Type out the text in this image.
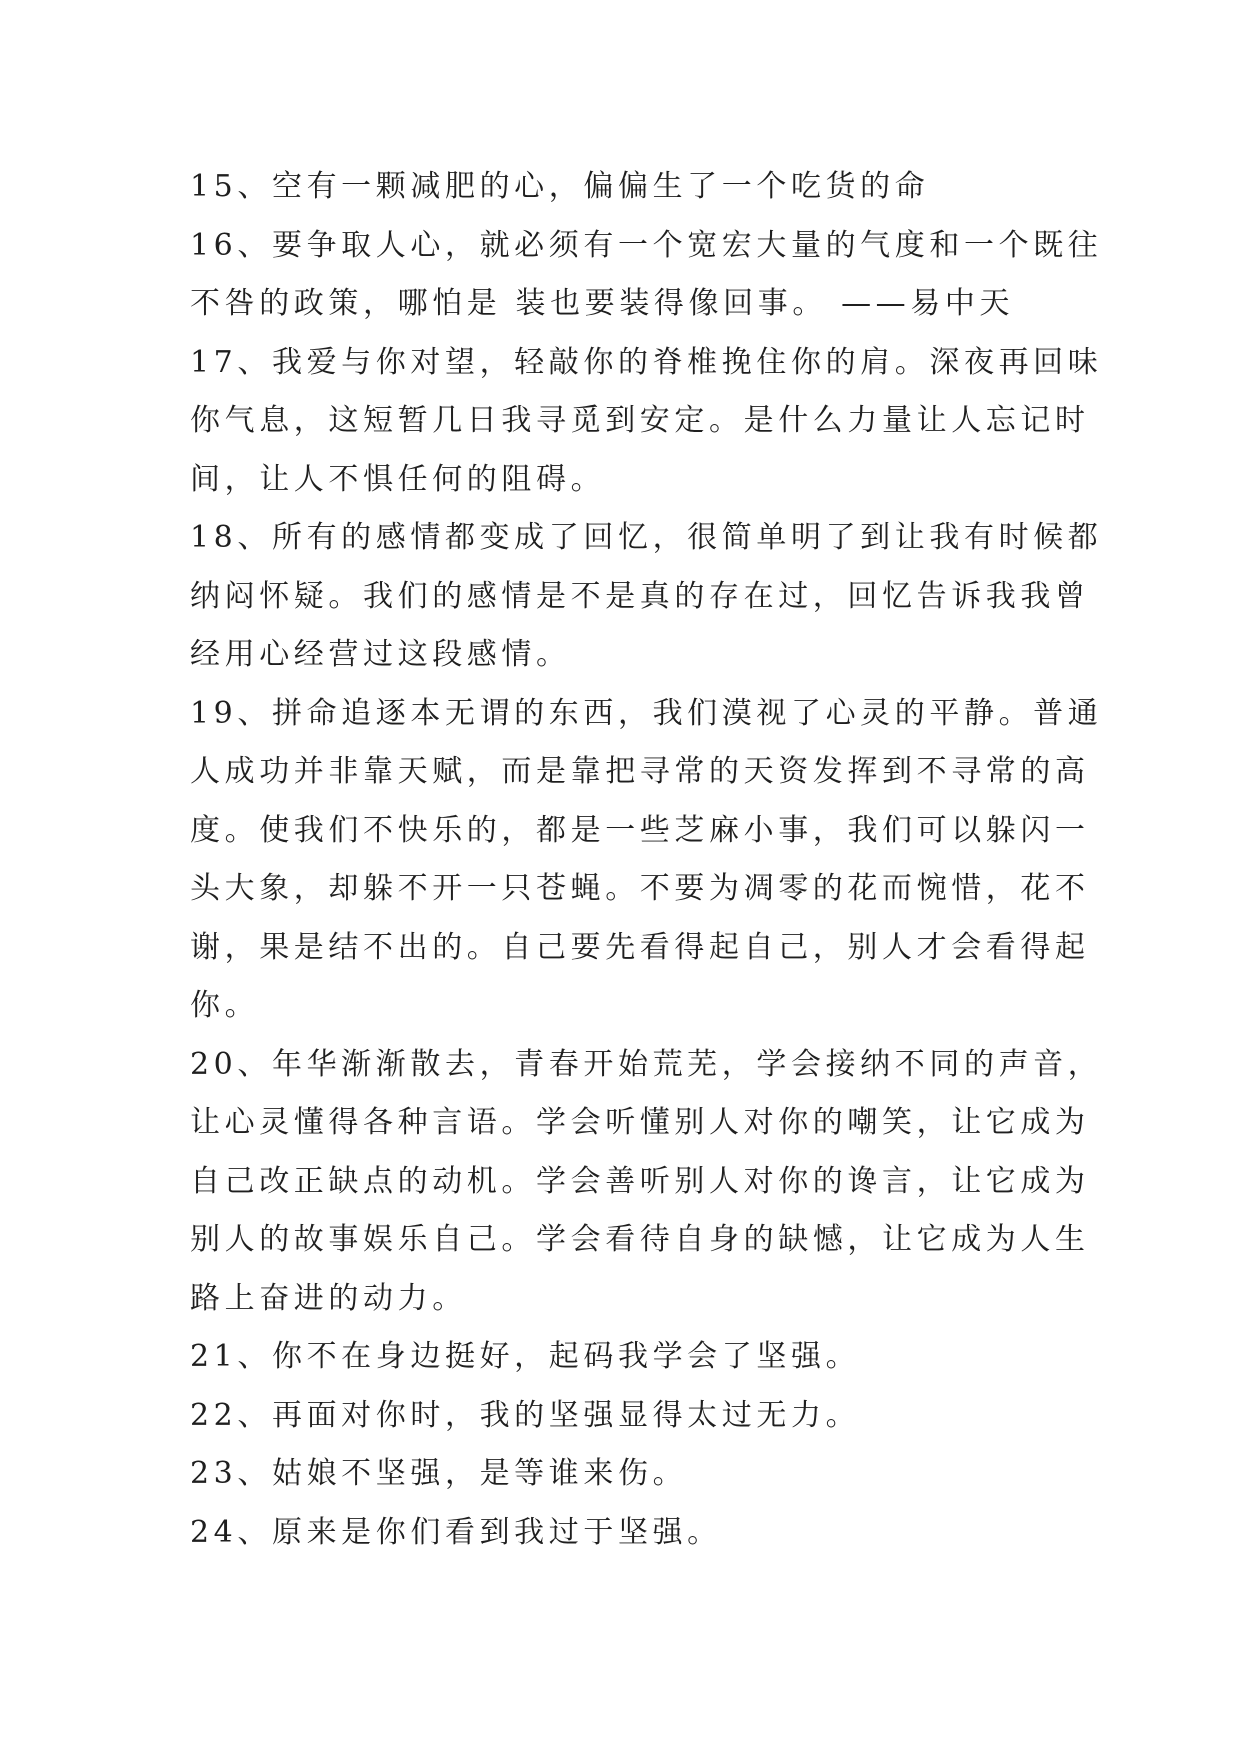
15、空有一颗减肥的心，偏偏生了一个吃货的命
16、要争取人心，就必须有一个宽宏大量的气度和一个既往
不咎的政策，哪怕是 装也要装得像回事。 ——易中天
17、我爱与你对望，轻敲你的脊椎挽住你的肩。深夜再回味
你气息，这短暂几日我寻觅到安定。是什么力量让人忘记时
间，让人不惧任何的阻碍。
18、所有的感情都变成了回忆，很简单明了到让我有时候都
纳闷怀疑。我们的感情是不是真的存在过，回忆告诉我我曾
经用心经营过这段感情。
19、拼命追逐本无谓的东西，我们漠视了心灵的平静。普通
人成功并非靠天赋，而是靠把寻常的天资发挥到不寻常的高
度。使我们不快乐的，都是一些芝麻小事，我们可以躲闪一
头大象，却躲不开一只苍蝇。不要为凋零的花而惋惜，花不
谢，果是结不出的。自己要先看得起自己，别人才会看得起
你。
20、年华渐渐散去，青春开始荒芜，学会接纳不同的声音，
让心灵懂得各种言语。学会听懂别人对你的嘲笑，让它成为
自己改正缺点的动机。学会善听别人对你的谗言，让它成为
别人的故事娱乐自己。学会看待自身的缺憾，让它成为人生
路上奋进的动力。
21、你不在身边挺好，起码我学会了坚强。
22、再面对你时，我的坚强显得太过无力。
23、姑娘不坚强，是等谁来伤。
24、原来是你们看到我过于坚强。
